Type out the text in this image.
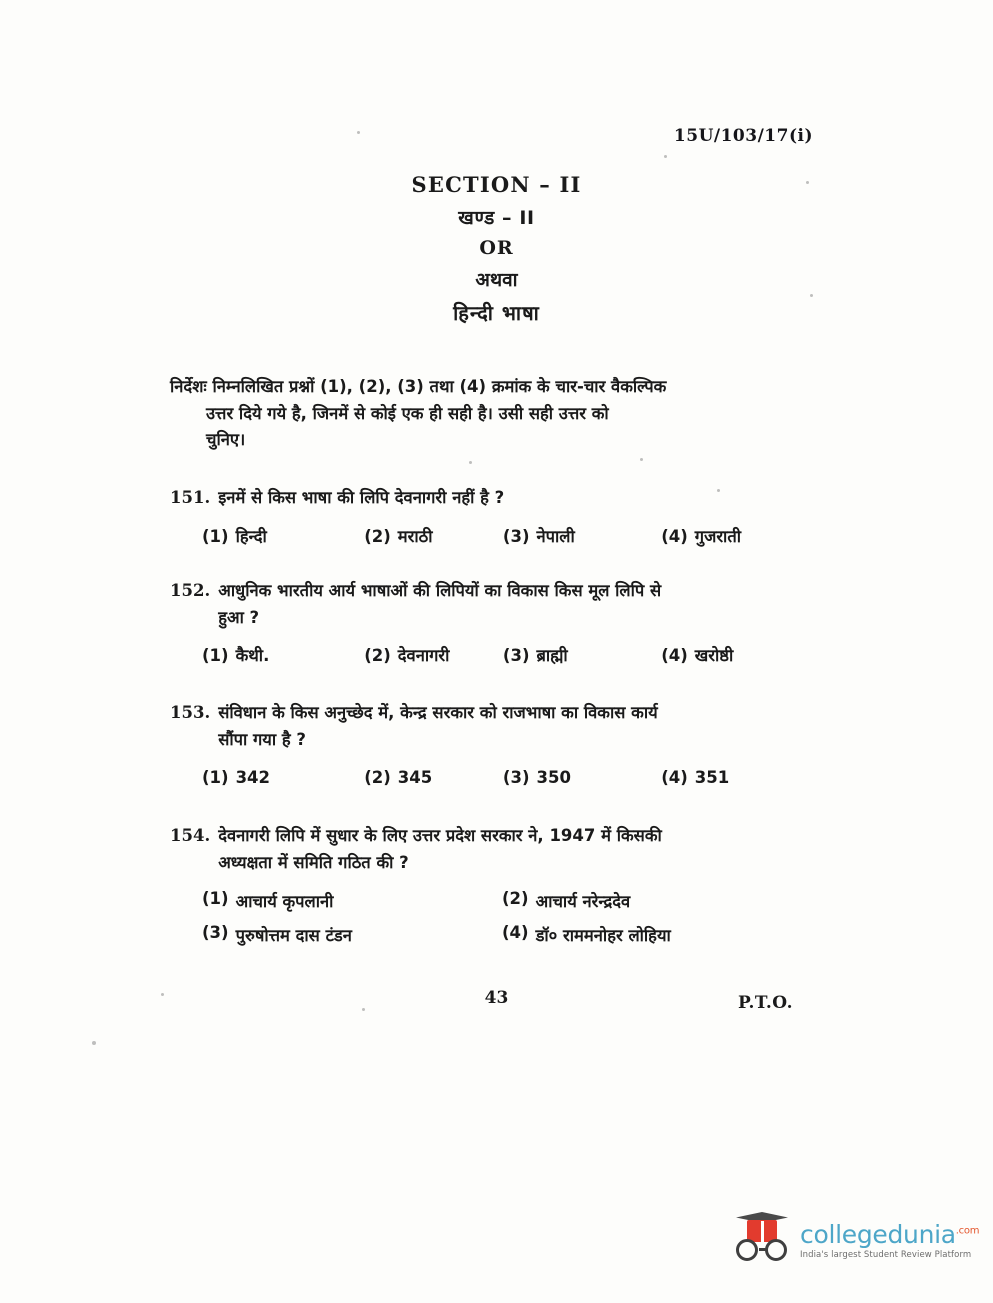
15U/103/17(i)
SECTION – II
खण्ड – II
OR
अथवा
हिन्दी भाषा
निर्देशः निम्नलिखित प्रश्नों (1), (2), (3) तथा (4) क्रमांक के चार-चार वैकल्पिक
उत्तर दिये गये है, जिनमें से कोई एक ही सही है। उसी सही उत्तर को
चुनिए।
151. इनमें से किस भाषा की लिपि देवनागरी नहीं है ?
(1) हिन्दी	(2) मराठी	(3) नेपाली	(4) गुजराती
152. आधुनिक भारतीय आर्य भाषाओं की लिपियों का विकास किस मूल लिपि से
हुआ ?
(1) कैथी.	(2) देवनागरी	(3) ब्राह्मी	(4) खरोष्ठी
153. संविधान के किस अनुच्छेद में, केन्द्र सरकार को राजभाषा का विकास कार्य
सौंपा गया है ?
(1) 342	(2) 345	(3) 350	(4) 351
154. देवनागरी लिपि में सुधार के लिए उत्तर प्रदेश सरकार ने, 1947 में किसकी
अध्यक्षता में समिति गठित की ?
(1) आचार्य कृपलानी	(2) आचार्य नरेन्द्रदेव
(3) पुरुषोत्तम दास टंडन	(4) डॉ० राममनोहर लोहिया
43	P.T.O.
collegedunia$^{.com}$
India's largest Student Review Platform
